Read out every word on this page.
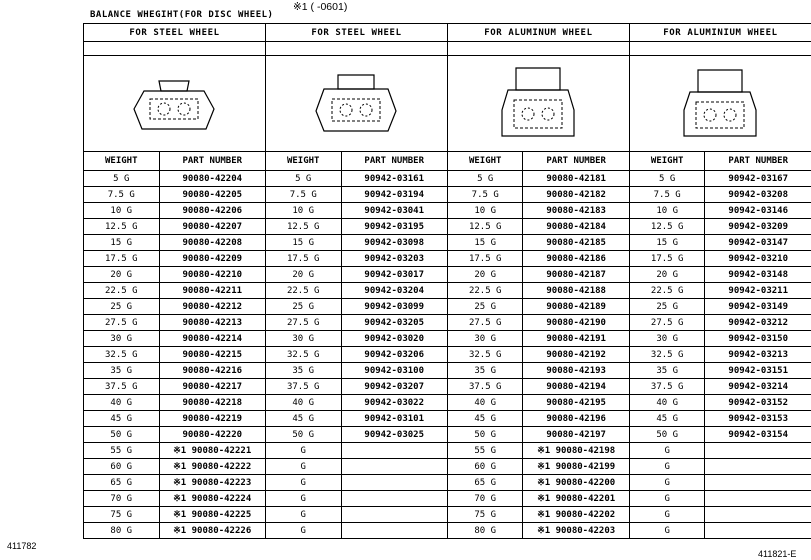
※1 ( -0601)
BALANCE WHEGIHT(FOR DISC WHEEL)
FOR STEEL WHEEL		FOR STEEL WHEEL		FOR ALUMINUM WHEEL		FOR ALUMINIUM WHEEL	

WEIGHT	PART NUMBER	WEIGHT	PART NUMBER	WEIGHT	PART NUMBER	WEIGHT	PART NUMBER
5 G	90080-42204	5 G	90942-03161	5 G	90080-42181	5 G	90942-03167
7.5 G	90080-42205	7.5 G	90942-03194	7.5 G	90080-42182	7.5 G	90942-03208
10 G	90080-42206	10 G	90942-03041	10 G	90080-42183	10 G	90942-03146
12.5 G	90080-42207	12.5 G	90942-03195	12.5 G	90080-42184	12.5 G	90942-03209
15 G	90080-42208	15 G	90942-03098	15 G	90080-42185	15 G	90942-03147
17.5 G	90080-42209	17.5 G	90942-03203	17.5 G	90080-42186	17.5 G	90942-03210
20 G	90080-42210	20 G	90942-03017	20 G	90080-42187	20 G	90942-03148
22.5 G	90080-42211	22.5 G	90942-03204	22.5 G	90080-42188	22.5 G	90942-03211
25 G	90080-42212	25 G	90942-03099	25 G	90080-42189	25 G	90942-03149
27.5 G	90080-42213	27.5 G	90942-03205	27.5 G	90080-42190	27.5 G	90942-03212
30 G	90080-42214	30 G	90942-03020	30 G	90080-42191	30 G	90942-03150
32.5 G	90080-42215	32.5 G	90942-03206	32.5 G	90080-42192	32.5 G	90942-03213
35 G	90080-42216	35 G	90942-03100	35 G	90080-42193	35 G	90942-03151
37.5 G	90080-42217	37.5 G	90942-03207	37.5 G	90080-42194	37.5 G	90942-03214
40 G	90080-42218	40 G	90942-03022	40 G	90080-42195	40 G	90942-03152
45 G	90080-42219	45 G	90942-03101	45 G	90080-42196	45 G	90942-03153
50 G	90080-42220	50 G	90942-03025	50 G	90080-42197	50 G	90942-03154
55 G	※1 90080-42221	G		55 G	※1 90080-42198	G	
60 G	※1 90080-42222	G		60 G	※1 90080-42199	G	
65 G	※1 90080-42223	G		65 G	※1 90080-42200	G	
70 G	※1 90080-42224	G		70 G	※1 90080-42201	G	
75 G	※1 90080-42225	G		75 G	※1 90080-42202	G	
80 G	※1 90080-42226	G		80 G	※1 90080-42203	G	
411782
411821-E
